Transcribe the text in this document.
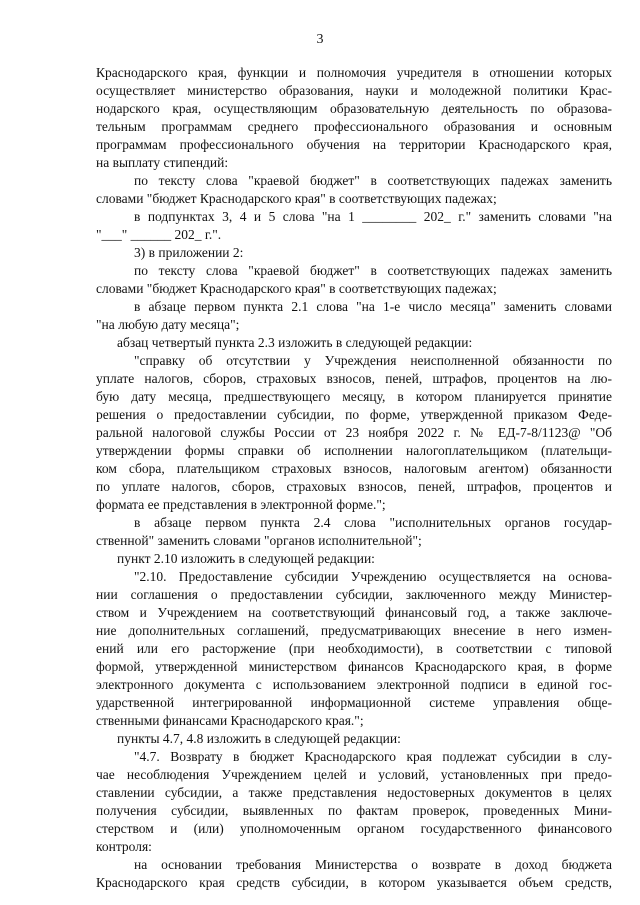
3
Краснодарского края, функции и полномочия учредителя в отношении которых
осуществляет министерство образования, науки и молодежной политики Крас-
нодарского края, осуществляющим образовательную деятельность по образова-
тельным программам среднего профессионального образования и основным
программам профессионального обучения на территории Краснодарского края,
на выплату стипендий:
по тексту слова "краевой бюджет" в соответствующих падежах заменить
словами "бюджет Краснодарского края" в соответствующих падежах;
в подпунктах 3, 4 и 5 слова "на 1 ________ 202_ г." заменить словами "на
"___" ______ 202_ г.".
3) в приложении 2:
по тексту слова "краевой бюджет" в соответствующих падежах заменить
словами "бюджет Краснодарского края" в соответствующих падежах;
в абзаце первом пункта 2.1 слова "на 1-е число месяца" заменить словами
"на любую дату месяца";
абзац четвертый пункта 2.3 изложить в следующей редакции:
"справку об отсутствии у Учреждения неисполненной обязанности по
уплате налогов, сборов, страховых взносов, пеней, штрафов, процентов на лю-
бую дату месяца, предшествующего месяцу, в котором планируется принятие
решения о предоставлении субсидии, по форме, утвержденной приказом Феде-
ральной налоговой службы России от 23 ноября 2022 г. № ЕД-7-8/1123@ "Об
утверждении формы справки об исполнении налогоплательщиком (плательщи-
ком сбора, плательщиком страховых взносов, налоговым агентом) обязанности
по уплате налогов, сборов, страховых взносов, пеней, штрафов, процентов и
формата ее представления в электронной форме.";
в абзаце первом пункта 2.4 слова "исполнительных органов государ-
ственной" заменить словами "органов исполнительной";
пункт 2.10 изложить в следующей редакции:
"2.10. Предоставление субсидии Учреждению осуществляется на основа-
нии соглашения о предоставлении субсидии, заключенного между Министер-
ством и Учреждением на соответствующий финансовый год, а также заключе-
ние дополнительных соглашений, предусматривающих внесение в него измен-
ений или его расторжение (при необходимости), в соответствии с типовой
формой, утвержденной министерством финансов Краснодарского края, в форме
электронного документа с использованием электронной подписи в единой гос-
ударственной интегрированной информационной системе управления обще-
ственными финансами Краснодарского края.";
пункты 4.7, 4.8 изложить в следующей редакции:
"4.7. Возврату в бюджет Краснодарского края подлежат субсидии в слу-
чае несоблюдения Учреждением целей и условий, установленных при предо-
ставлении субсидии, а также представления недостоверных документов в целях
получения субсидии, выявленных по фактам проверок, проведенных Мини-
стерством и (или) уполномоченным органом государственного финансового
контроля:
на основании требования Министерства о возврате в доход бюджета
Краснодарского края средств субсидии, в котором указывается объем средств,
